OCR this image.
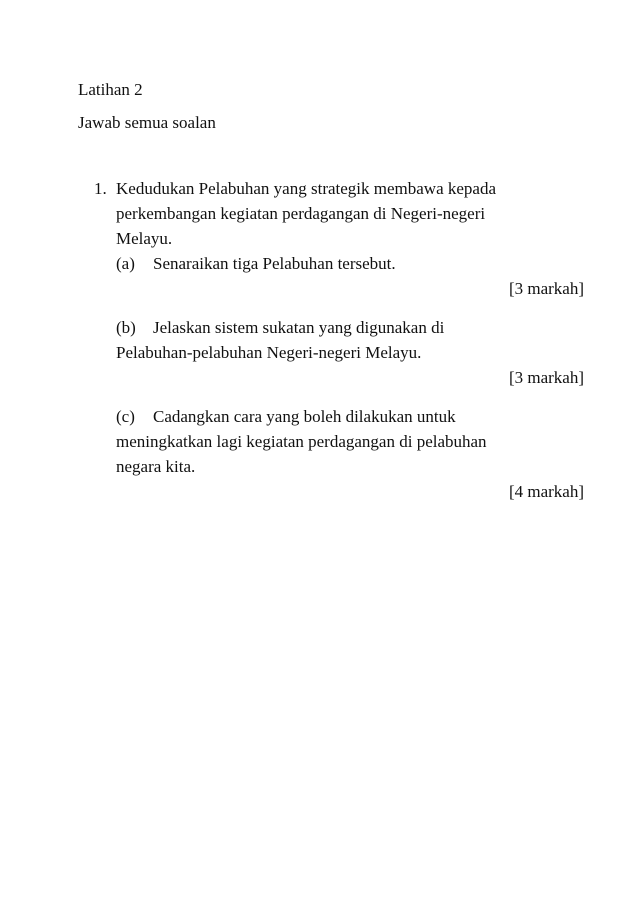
Latihan 2
Jawab semua soalan
1. Kedudukan Pelabuhan yang strategik membawa kepada
perkembangan kegiatan perdagangan di Negeri-negeri
Melayu.
(a) Senaraikan tiga Pelabuhan tersebut.
[3 markah]
(b) Jelaskan sistem sukatan yang digunakan di
Pelabuhan-pelabuhan Negeri-negeri Melayu.
[3 markah]
(c) Cadangkan cara yang boleh dilakukan untuk
meningkatkan lagi kegiatan perdagangan di pelabuhan
negara kita.
[4 markah]
